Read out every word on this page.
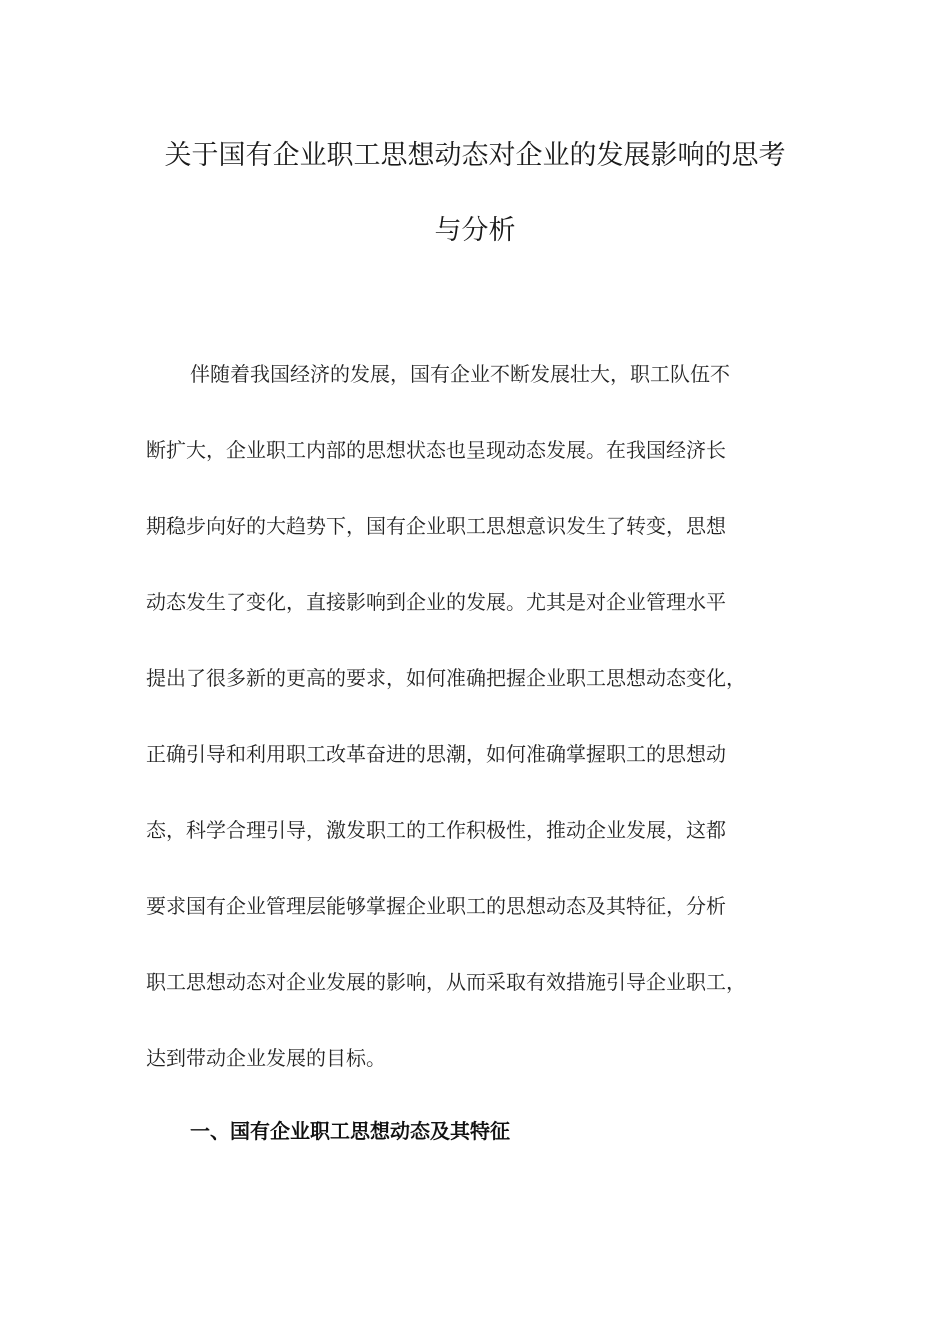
关于国有企业职工思想动态对企业的发展影响的思考
与分析
伴随着我国经济的发展，国有企业不断发展壮大，职工队伍不
断扩大，企业职工内部的思想状态也呈现动态发展。在我国经济长
期稳步向好的大趋势下，国有企业职工思想意识发生了转变，思想
动态发生了变化，直接影响到企业的发展。尤其是对企业管理水平
提出了很多新的更高的要求，如何准确把握企业职工思想动态变化，
正确引导和利用职工改革奋进的思潮，如何准确掌握职工的思想动
态，科学合理引导，激发职工的工作积极性，推动企业发展，这都
要求国有企业管理层能够掌握企业职工的思想动态及其特征，分析
职工思想动态对企业发展的影响，从而采取有效措施引导企业职工，
达到带动企业发展的目标。
一、国有企业职工思想动态及其特征
